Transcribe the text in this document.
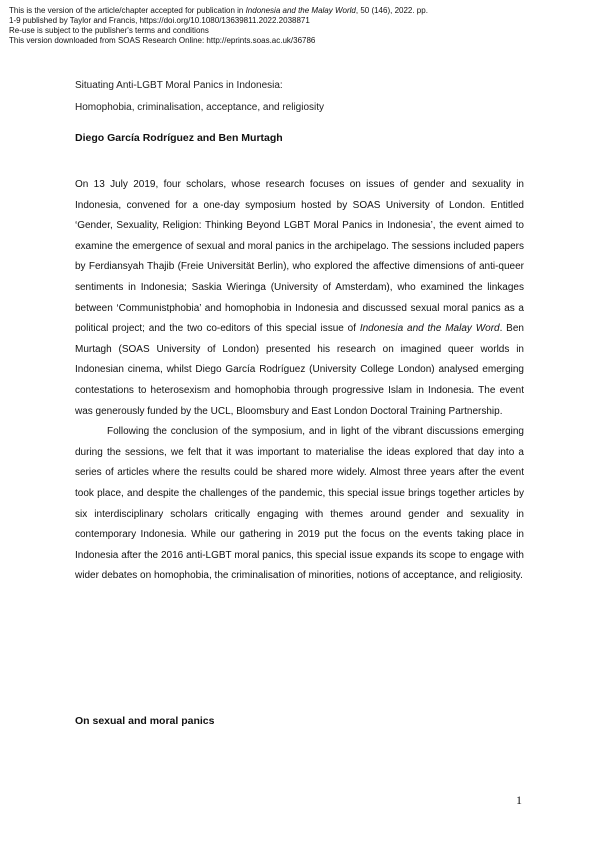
This is the version of the article/chapter accepted for publication in Indonesia and the Malay World, 50 (146), 2022. pp.
1-9 published by Taylor and Francis, https://doi.org/10.1080/13639811.2022.2038871
Re-use is subject to the publisher's terms and conditions
This version downloaded from SOAS Research Online: http://eprints.soas.ac.uk/36786
Situating Anti-LGBT Moral Panics in Indonesia:
Homophobia, criminalisation, acceptance, and religiosity
Diego García Rodríguez and Ben Murtagh

On 13 July 2019, four scholars, whose research focuses on issues of gender and sexuality in Indonesia, convened for a one-day symposium hosted by SOAS University of London. Entitled ‘Gender, Sexuality, Religion: Thinking Beyond LGBT Moral Panics in Indonesia’, the event aimed to examine the emergence of sexual and moral panics in the archipelago. The sessions included papers by Ferdiansyah Thajib (Freie Universität Berlin), who explored the affective dimensions of anti-queer sentiments in Indonesia; Saskia Wieringa (University of Amsterdam), who examined the linkages between ‘Communistphobia’ and homophobia in Indonesia and discussed sexual moral panics as a political project; and the two co-editors of this special issue of Indonesia and the Malay Word. Ben Murtagh (SOAS University of London) presented his research on imagined queer worlds in Indonesian cinema, whilst Diego García Rodríguez (University College London) analysed emerging contestations to heterosexism and homophobia through progressive Islam in Indonesia. The event was generously funded by the UCL, Bloomsbury and East London Doctoral Training Partnership.

Following the conclusion of the symposium, and in light of the vibrant discussions emerging during the sessions, we felt that it was important to materialise the ideas explored that day into a series of articles where the results could be shared more widely. Almost three years after the event took place, and despite the challenges of the pandemic, this special issue brings together articles by six interdisciplinary scholars critically engaging with themes around gender and sexuality in contemporary Indonesia. While our gathering in 2019 put the focus on the events taking place in Indonesia after the 2016 anti-LGBT moral panics, this special issue expands its scope to engage with wider debates on homophobia, the criminalisation of minorities, notions of acceptance, and religiosity.

On sexual and moral panics
1
